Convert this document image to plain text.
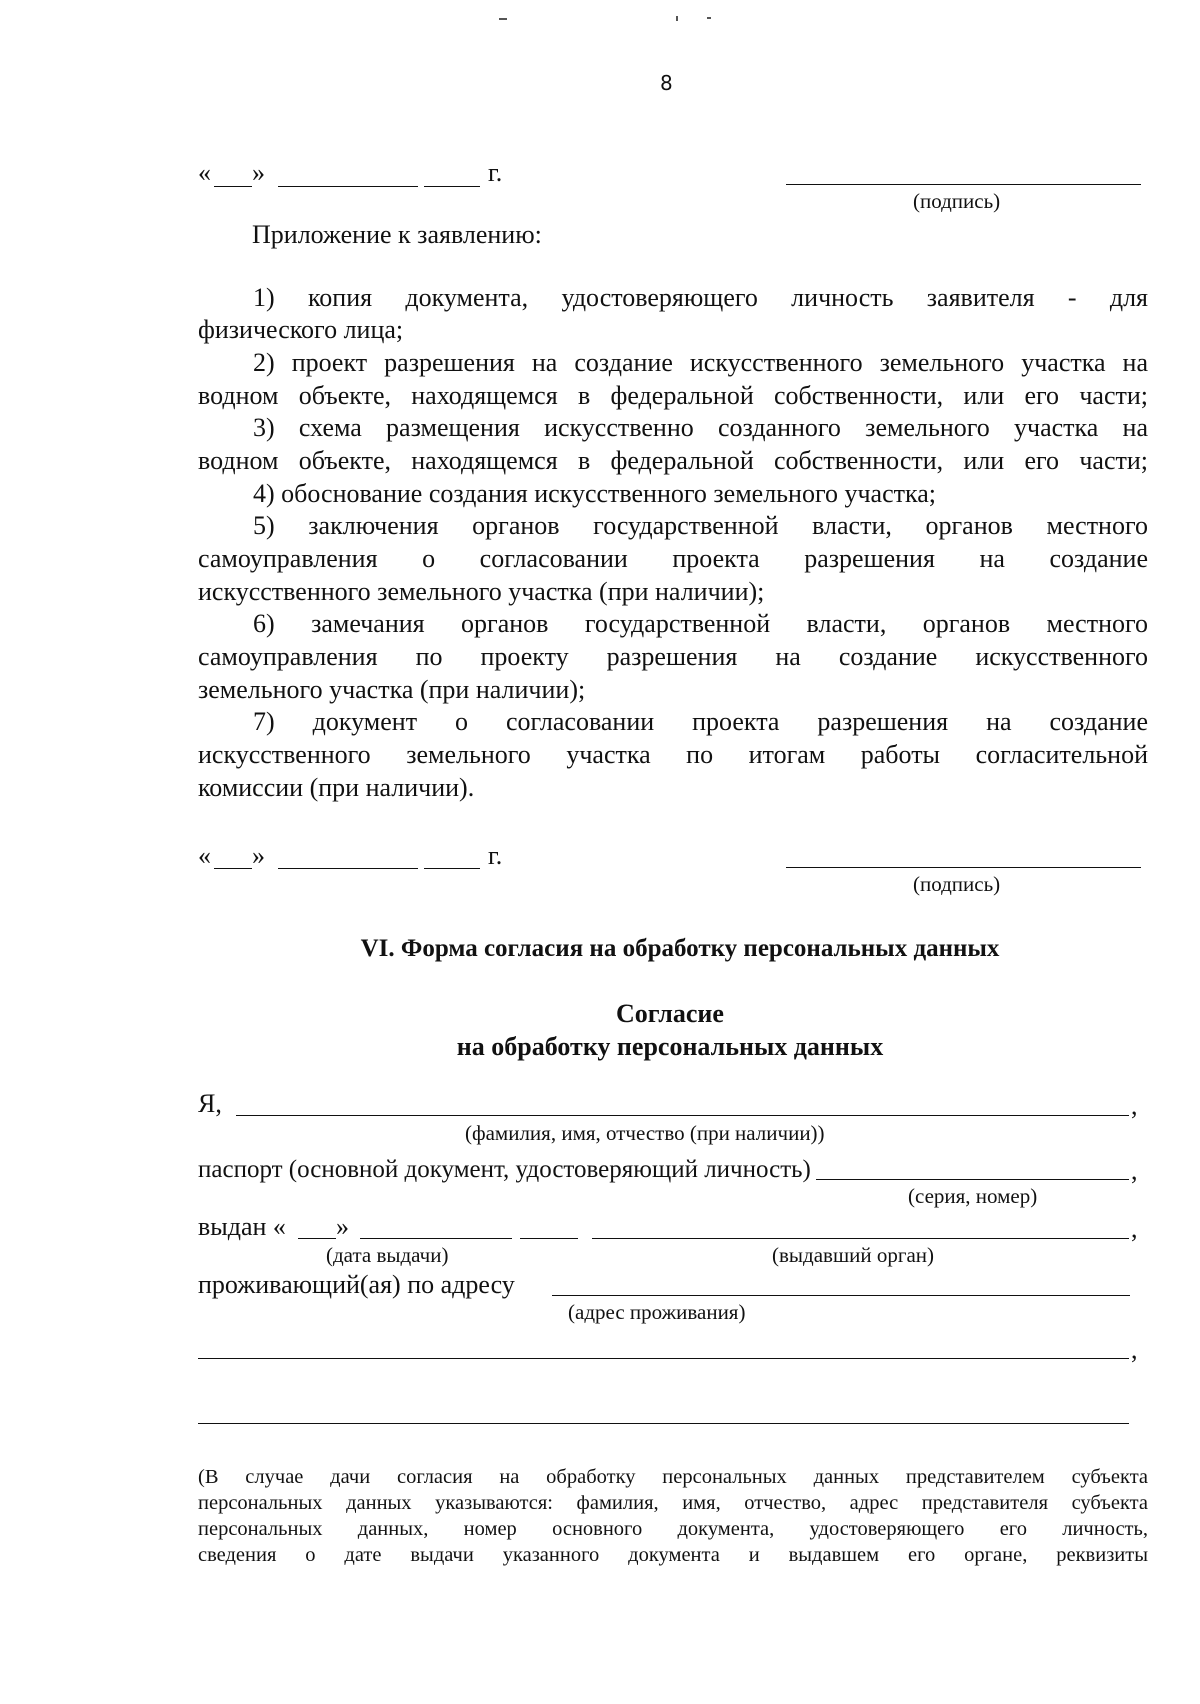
8
« »	г.
(подпись)
Приложение к заявлению:
1) копия документа, удостоверяющего личность заявителя - для
физического лица;
2) проект разрешения на создание искусственного земельного участка на
водном объекте, находящемся в федеральной собственности, или его части;
3) схема размещения искусственно созданного земельного участка на
водном объекте, находящемся в федеральной собственности, или его части;
4) обоснование создания искусственного земельного участка;
5) заключения органов государственной власти, органов местного
самоуправления о согласовании проекта разрешения на создание
искусственного земельного участка (при наличии);
6) замечания органов государственной власти, органов местного
самоуправления по проекту разрешения на создание искусственного
земельного участка (при наличии);
7) документ о согласовании проекта разрешения на создание
искусственного земельного участка по итогам работы согласительной
комиссии (при наличии).
« »	г.
(подпись)
VI. Форма согласия на обработку персональных данных
Согласие
на обработку персональных данных
Я,	,
(фамилия, имя, отчество (при наличии))
паспорт (основной документ, удостоверяющий личность)	,
(серия, номер)
выдан « »	,
(дата выдачи)	(выдавший орган)
проживающий(ая) по адресу
(адрес проживания)
,
(В случае дачи согласия на обработку персональных данных представителем субъекта
персональных данных указываются: фамилия, имя, отчество, адрес представителя субъекта
персональных данных, номер основного документа, удостоверяющего его личность,
сведения о дате выдачи указанного документа и выдавшем его органе, реквизиты
